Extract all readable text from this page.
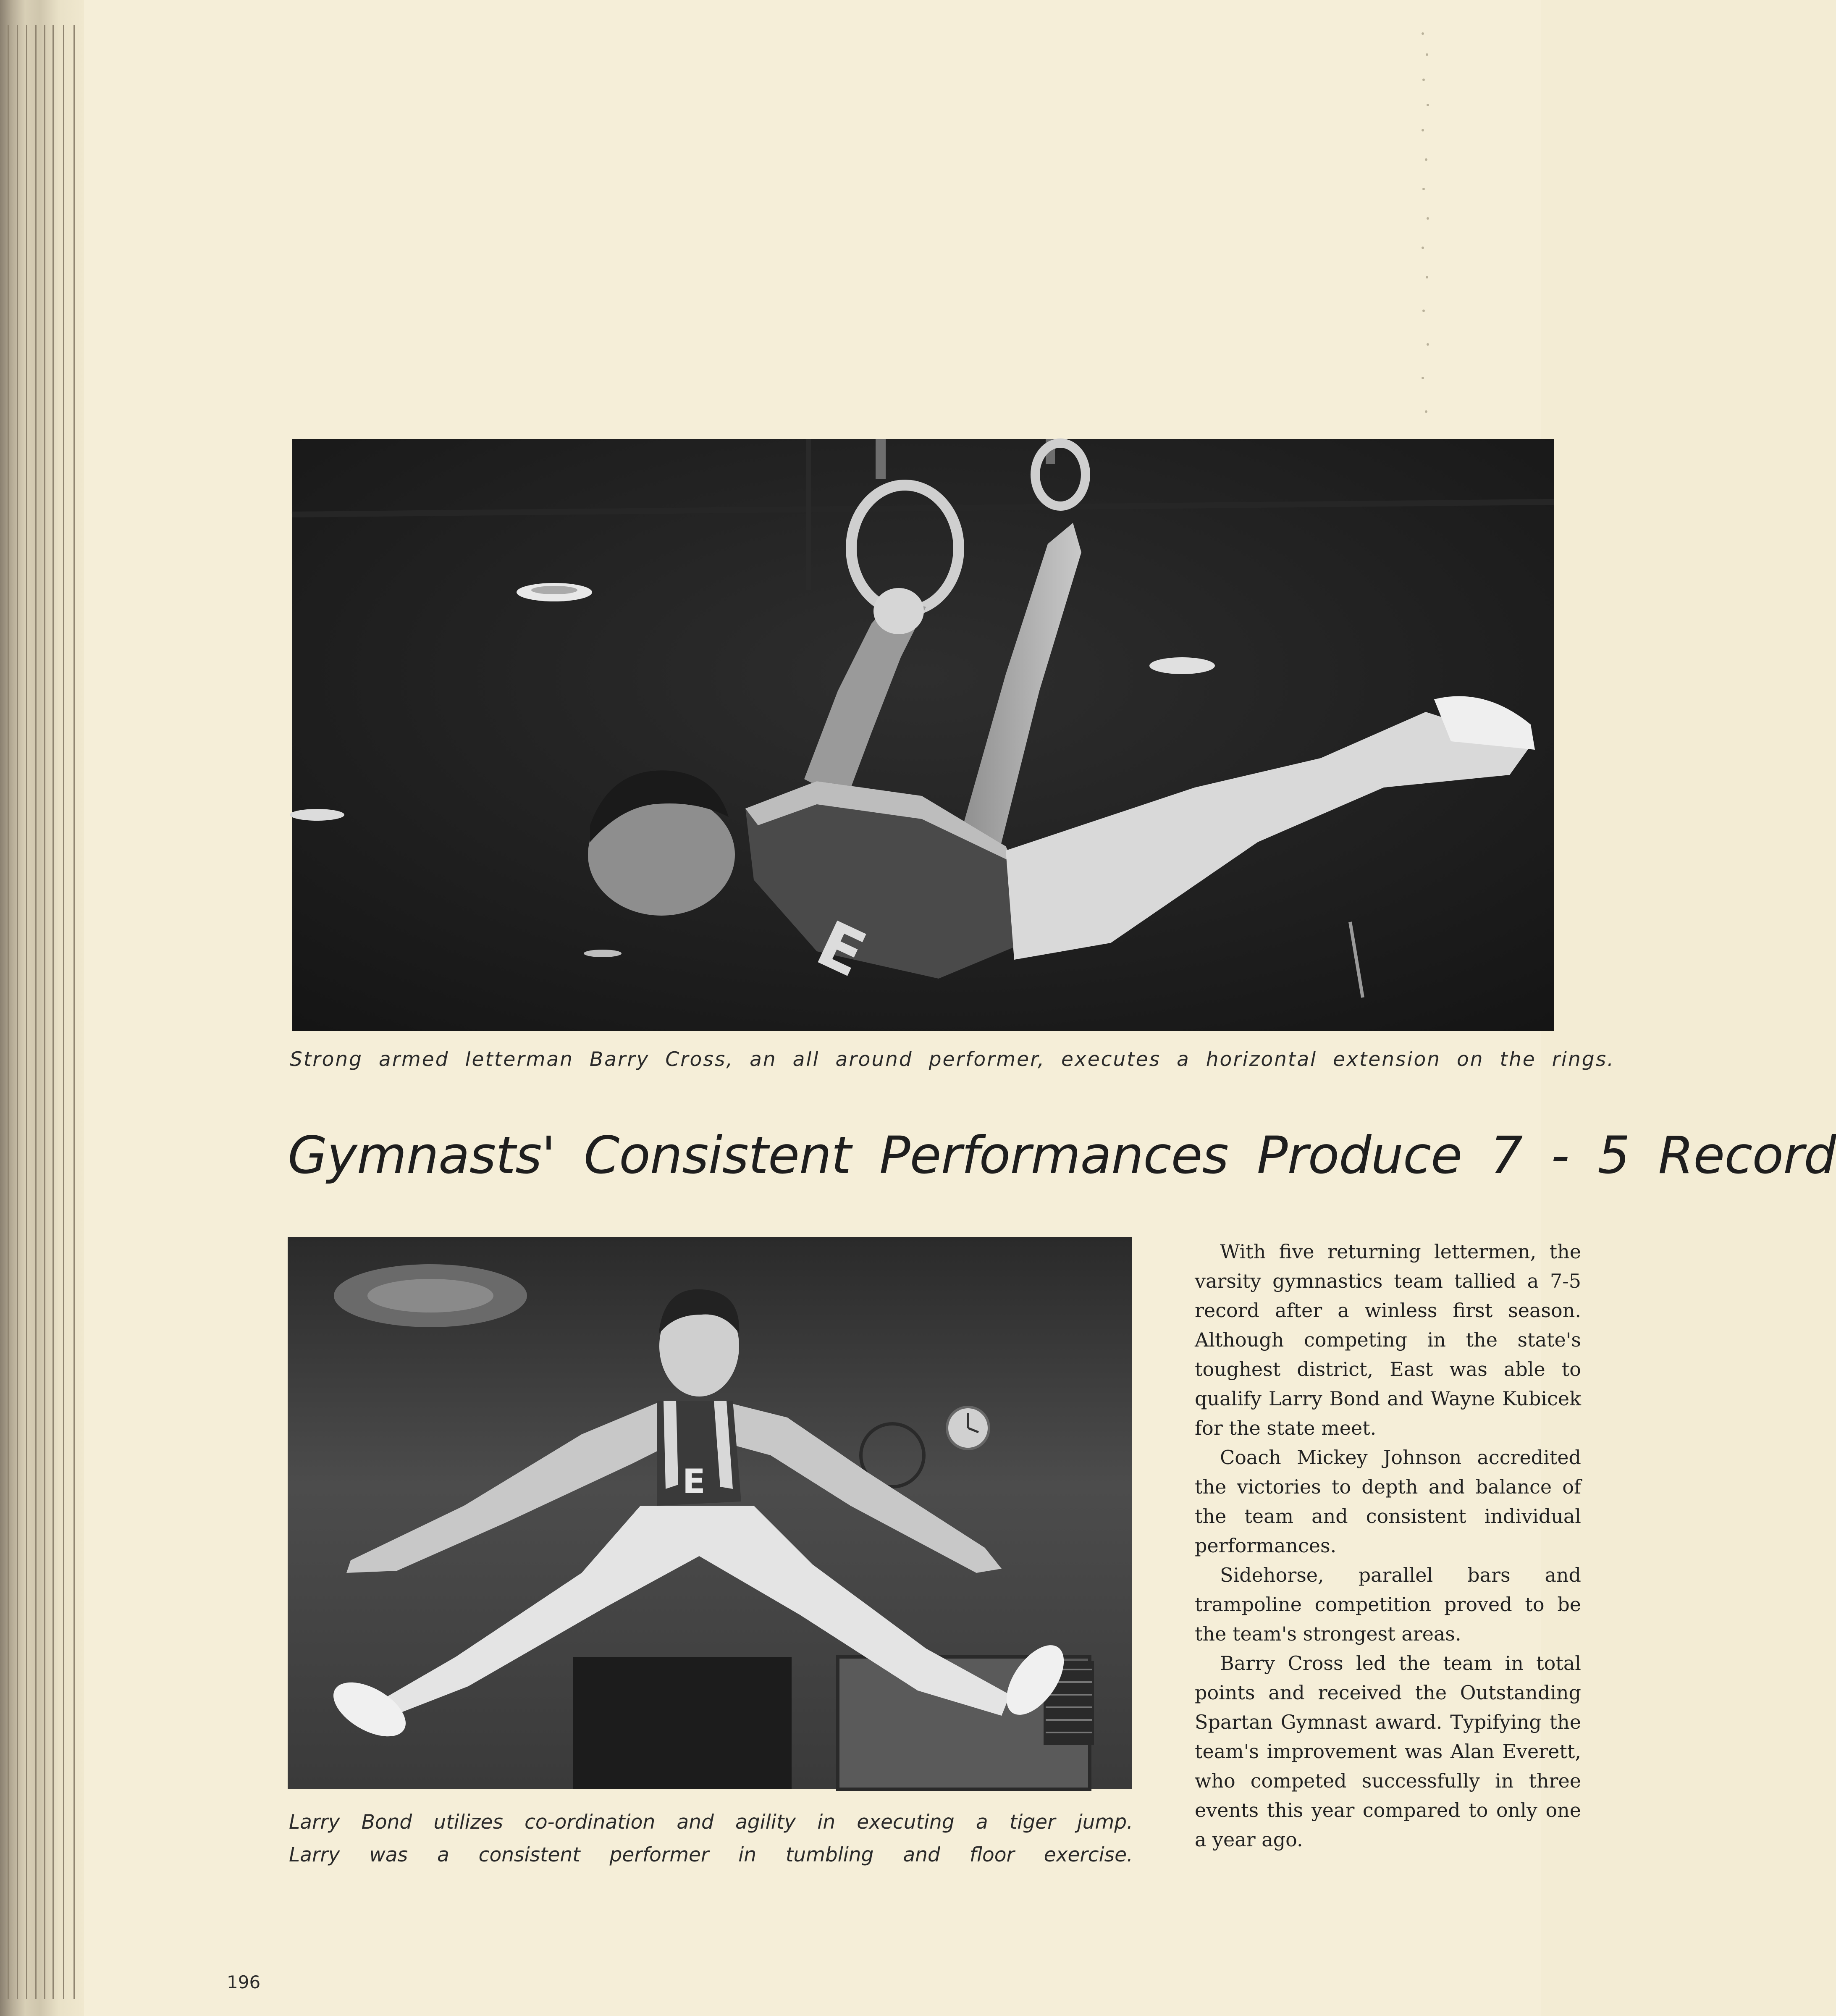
E
Strong armed letterman Barry Cross, an all around performer, executes a horizontal extension on the rings.
Gymnasts' Consistent Performances Produce 7 - 5 Record
E
Larry Bond utilizes co-ordination and agility in executing a tiger jump.
Larry was a consistent performer in tumbling and floor exercise.

With five returning lettermen, the varsity gymnastics team tallied a 7-5 record after a winless first season. Although competing in the state's toughest district, East was able to qualify Larry Bond and Wayne Kubicek for the state meet.

Coach Mickey Johnson accredited the victories to depth and balance of the team and consistent individual performances.

Sidehorse, parallel bars and trampoline competition proved to be the team's strongest areas.

Barry Cross led the team in total points and received the Outstanding Spartan Gymnast award. Typifying the team's improvement was Alan Everett, who competed successfully in three events this year compared to only one a year ago.

196
